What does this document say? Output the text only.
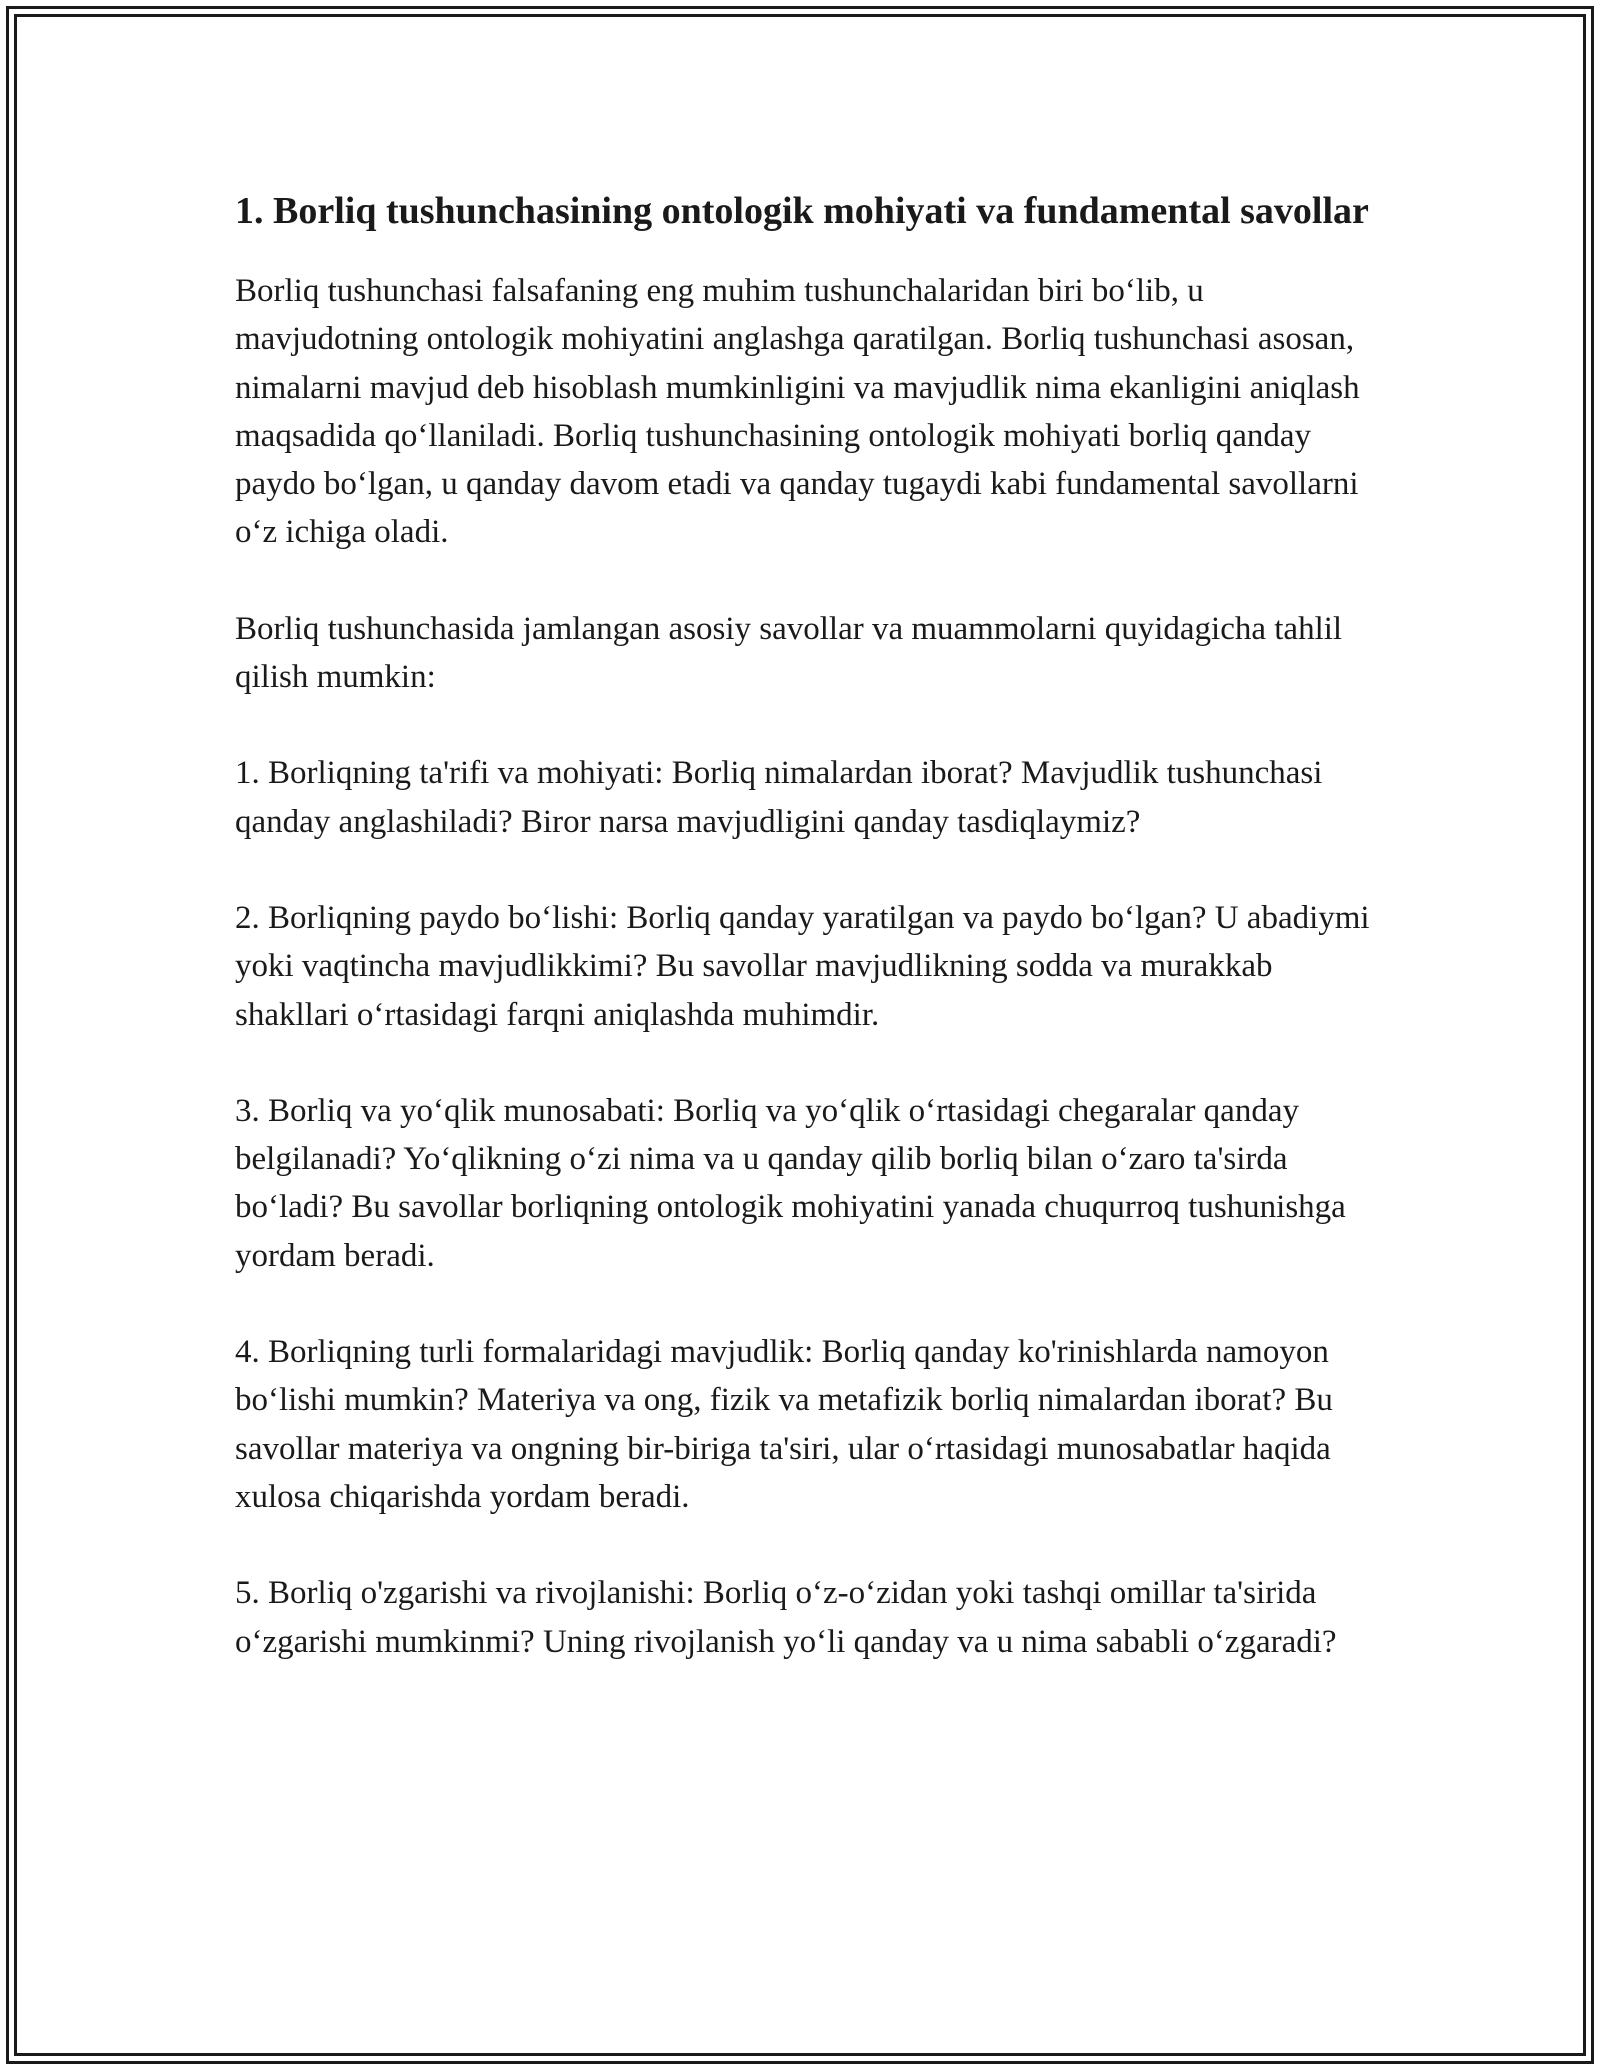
1. Borliq tushunchasining ontologik mohiyati va fundamental savollar

Borliq tushunchasi falsafaning eng muhim tushunchalaridan biri bo‘lib, u mavjudotning ontologik mohiyatini anglashga qaratilgan. Borliq tushunchasi asosan, nimalarni mavjud deb hisoblash mumkinligini va mavjudlik nima ekanligini aniqlash maqsadida qo‘llaniladi. Borliq tushunchasining ontologik mohiyati borliq qanday paydo bo‘lgan, u qanday davom etadi va qanday tugaydi kabi fundamental savollarni o‘z ichiga oladi.

Borliq tushunchasida jamlangan asosiy savollar va muammolarni quyidagicha tahlil qilish mumkin:

1. Borliqning ta'rifi va mohiyati: Borliq nimalardan iborat? Mavjudlik tushunchasi qanday anglashiladi? Biror narsa mavjudligini qanday tasdiqlaymiz?

2. Borliqning paydo bo‘lishi: Borliq qanday yaratilgan va paydo bo‘lgan? U abadiymi yoki vaqtincha mavjudlikkimi? Bu savollar mavjudlikning sodda va murakkab shakllari o‘rtasidagi farqni aniqlashda muhimdir.

3. Borliq va yo‘qlik munosabati: Borliq va yo‘qlik o‘rtasidagi chegaralar qanday belgilanadi? Yo‘qlikning o‘zi nima va u qanday qilib borliq bilan o‘zaro ta'sirda bo‘ladi? Bu savollar borliqning ontologik mohiyatini yanada chuqurroq tushunishga yordam beradi.

4. Borliqning turli formalaridagi mavjudlik: Borliq qanday ko'rinishlarda namoyon bo‘lishi mumkin? Materiya va ong, fizik va metafizik borliq nimalardan iborat? Bu savollar materiya va ongning bir-biriga ta'siri, ular o‘rtasidagi munosabatlar haqida xulosa chiqarishda yordam beradi.

5. Borliq o'zgarishi va rivojlanishi: Borliq o‘z-o‘zidan yoki tashqi omillar ta'sirida o‘zgarishi mumkinmi? Uning rivojlanish yo‘li qanday va u nima sababli o‘zgaradi?
